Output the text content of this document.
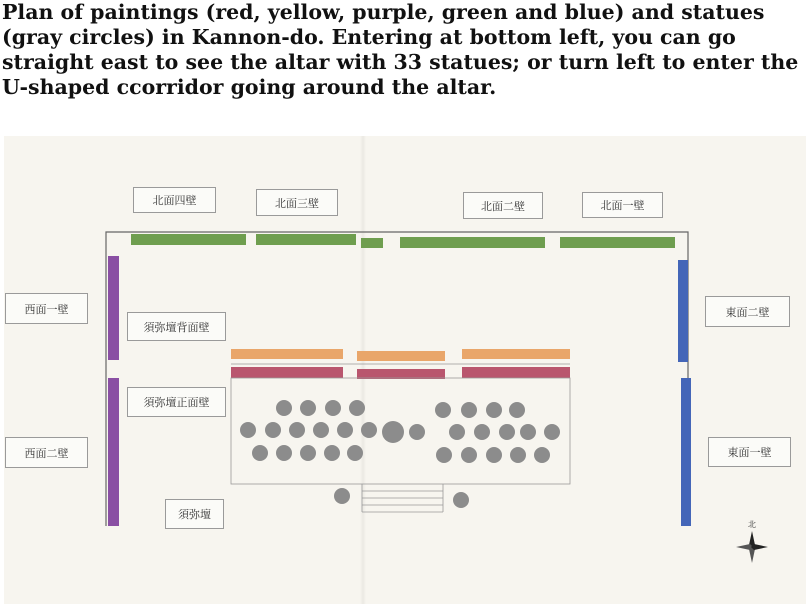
Plan of paintings (red, yellow, purple, green and blue) and statues (gray circles) in Kannon-do. Entering at bottom left, you can go straight east to see the altar with 33 statues; or turn left to enter the U-shaped ccorridor going around the altar.

北
北面四壁	北面三壁	北面二壁	北面一壁
西面一壁
西面二壁
東面二壁
東面一壁
須弥壇背面壁
須弥壇正面壁
須弥壇
